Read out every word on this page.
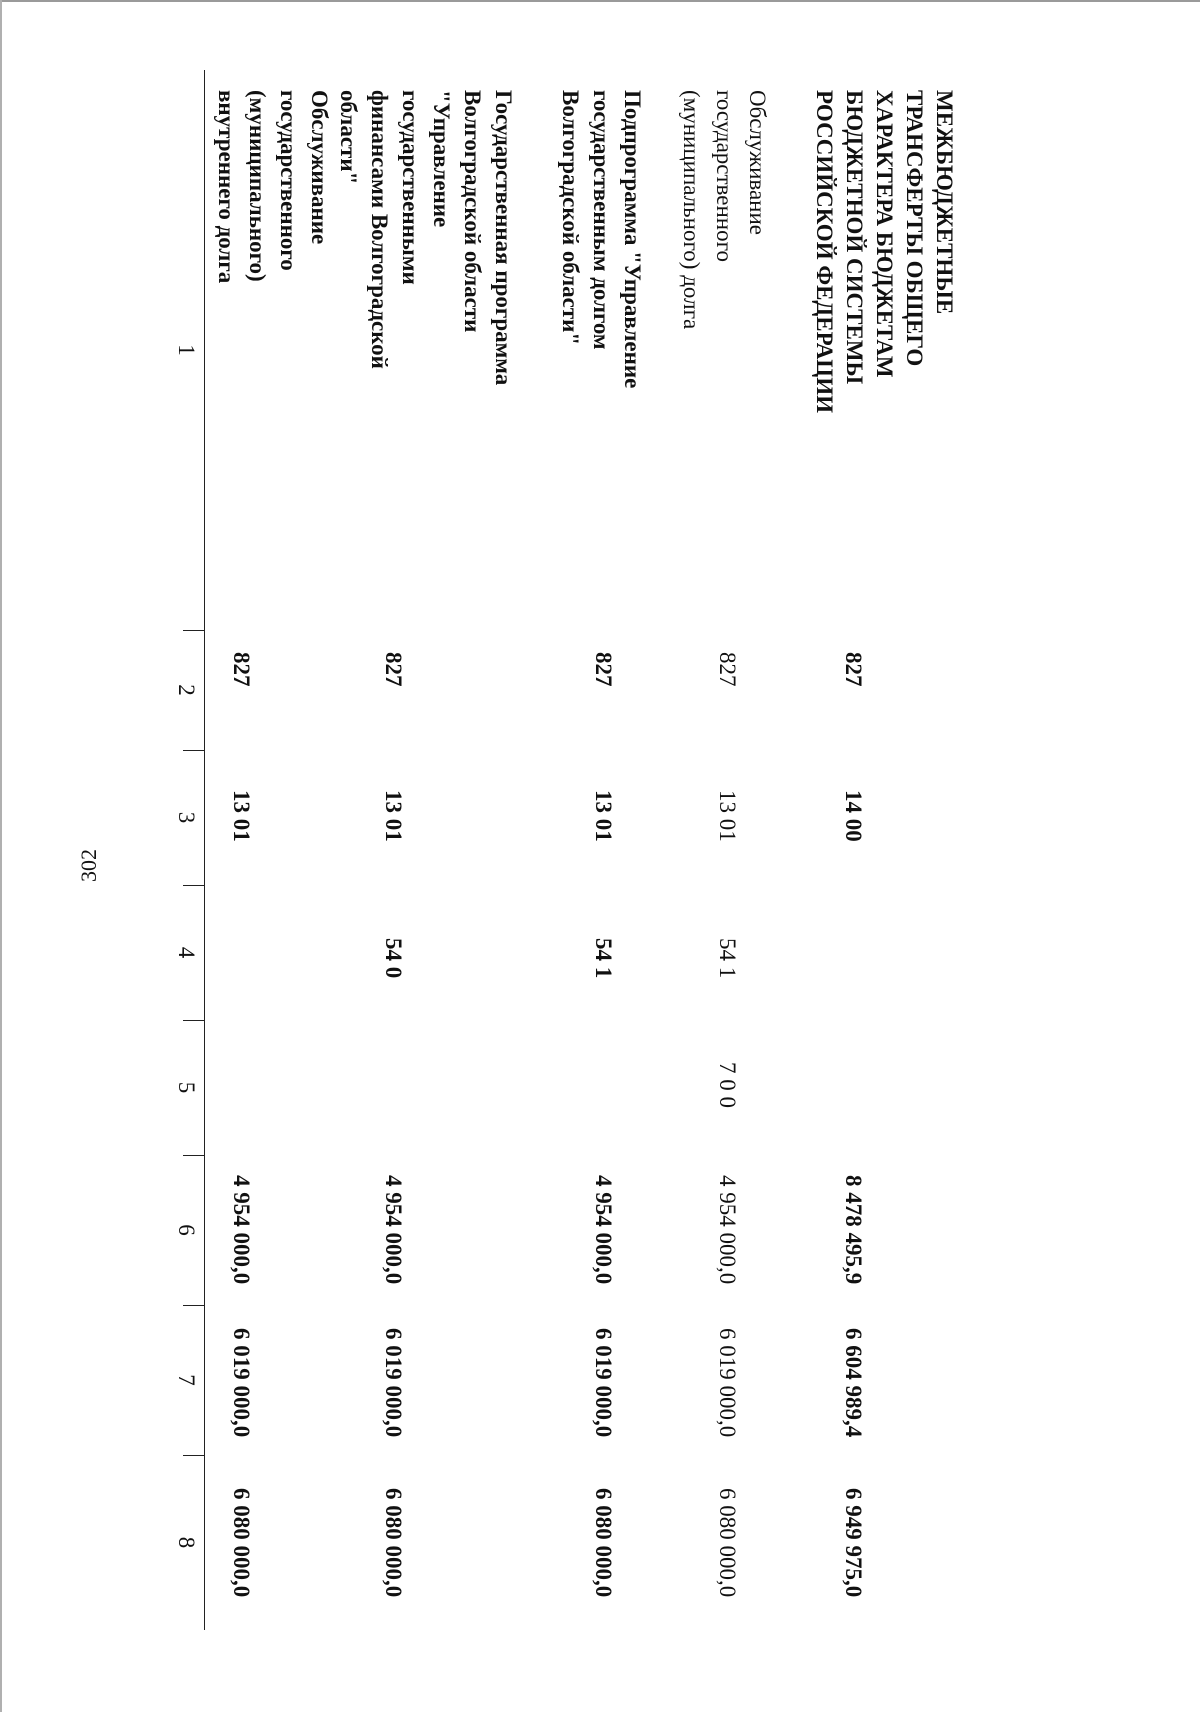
302
1
2
3
4
5
6
7
8
Обслуживание
государственного
(муниципального)
внутреннего долга
827
13 01
4 954 000,0
6 019 000,0
6 080 000,0
Государственная программа
Волгоградской области
"Управление
государственными
финансами Волгоградской
области"
827
13 01
54 0
4 954 000,0
6 019 000,0
6 080 000,0
Подпрограмма "Управление
государственным долгом
Волгоградской области"
827
13 01
54 1
4 954 000,0
6 019 000,0
6 080 000,0
Обслуживание
государственного
(муниципального) долга
827
13 01
54 1
7 0 0
4 954 000,0
6 019 000,0
6 080 000,0
МЕЖБЮДЖЕТНЫЕ
ТРАНСФЕРТЫ ОБЩЕГО
ХАРАКТЕРА БЮДЖЕТАМ
БЮДЖЕТНОЙ СИСТЕМЫ
РОССИЙСКОЙ ФЕДЕРАЦИИ
827
14 00
8 478 495,9
6 604 989,4
6 949 975,0
